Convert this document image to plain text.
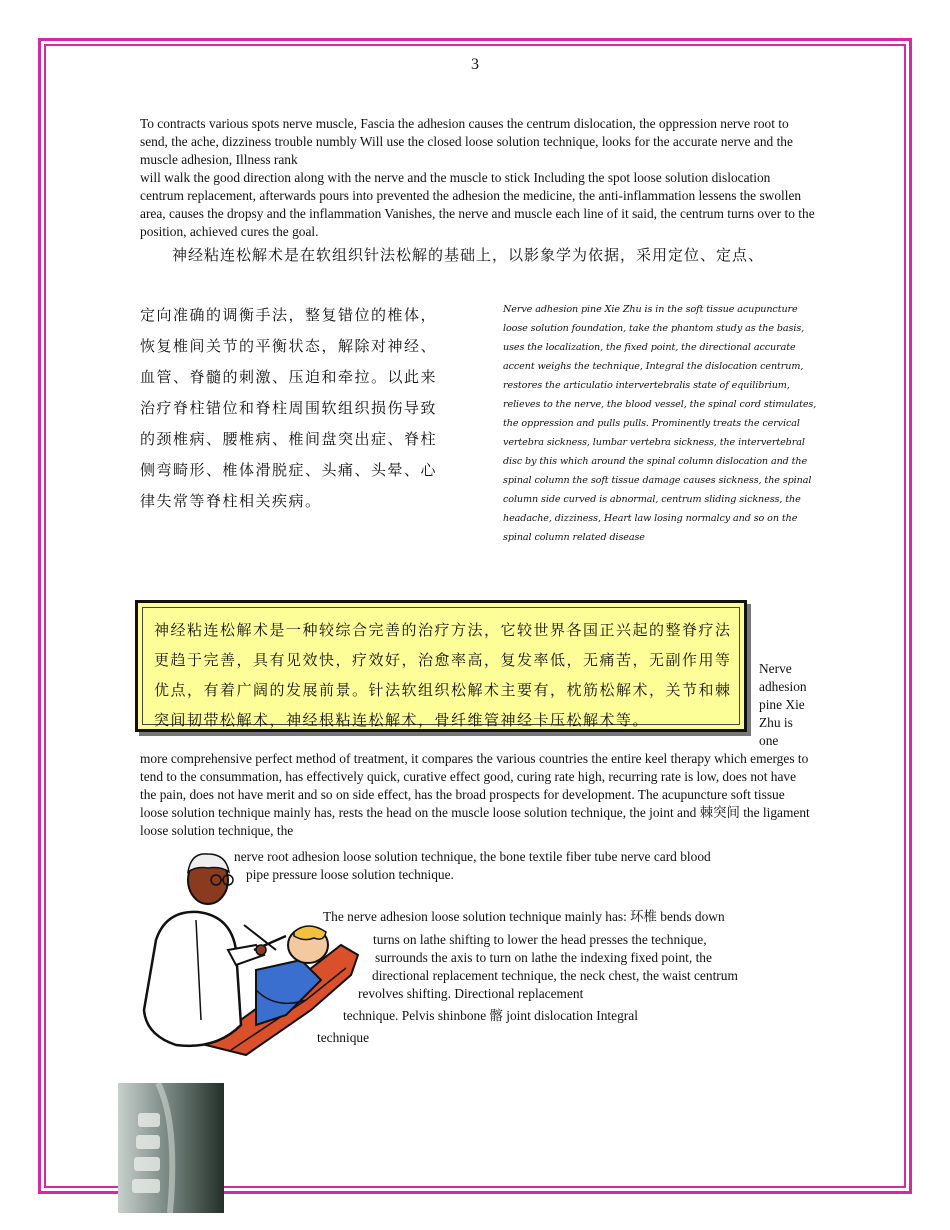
3
To contracts various spots nerve muscle, Fascia the adhesion causes the centrum dislocation, the oppression nerve root to send, the ache, dizziness trouble numbly Will use the closed loose solution technique, looks for the accurate nerve and the muscle adhesion, Illness rank
will walk the good direction along with the nerve and the muscle to stick Including the spot loose solution dislocation centrum replacement, afterwards pours into prevented the adhesion the medicine, the anti-inflammation lessens the swollen area, causes the dropsy and the inflammation Vanishes, the nerve and muscle each line of it said, the centrum turns over to the position, achieved cures the goal.
　　神经粘连松解术是在软组织针法松解的基础上，以影象学为依据，采用定位、定点、
定向准确的调衡手法，整复错位的椎体，恢复椎间关节的平衡状态，解除对神经、血管、脊髓的刺激、压迫和牵拉。以此来治疗脊柱错位和脊柱周围软组织损伤导致的颈椎病、腰椎病、椎间盘突出症、脊柱侧弯畸形、椎体滑脱症、头痛、头晕、心律失常等脊柱相关疾病。
Nerve adhesion pine Xie Zhu is in the soft tissue acupuncture loose solution foundation, take the phantom study as the basis, uses the localization, the fixed point, the directional accurate accent weighs the technique, Integral the dislocation centrum, restores the articulatio intervertebralis state of equilibrium, relieves to the nerve, the blood vessel, the spinal cord stimulates, the oppression and pulls pulls. Prominently treats the cervical vertebra sickness, lumbar vertebra sickness, the intervertebral disc by this which around the spinal column dislocation and the spinal column the soft tissue damage causes sickness, the spinal column side curved is abnormal, centrum sliding sickness, the headache, dizziness, Heart law losing normalcy and so on the spinal column related disease
神经粘连松解术是一种较综合完善的治疗方法，它较世界各国正兴起的整脊疗法更趋于完善，具有见效快，疗效好，治愈率高，复发率低，无痛苦，无副作用等优点，有着广阔的发展前景。针法软组织松解术主要有，枕筋松解术，关节和棘突间韧带松解术，神经根粘连松解术，骨纤维管神经卡压松解术等。
Nerve adhesion pine Xie Zhu is one
more comprehensive perfect method of treatment, it compares the various countries the entire keel therapy which emerges to tend to the consummation, has effectively quick, curative effect good, curing rate high, recurring rate is low, does not have the pain, does not have merit and so on side effect, has the broad prospects for development. The acupuncture soft tissue loose solution technique mainly has, rests the head on the muscle loose solution technique, the joint and 棘突间 the ligament loose solution technique, the
nerve root adhesion loose solution technique, the bone textile fiber tube nerve card blood
pipe pressure loose solution technique.
The nerve adhesion loose solution technique mainly has: 环椎 bends down
turns on lathe shifting to lower the head presses the technique,
surrounds the axis to turn on lathe the indexing fixed point, the
directional replacement technique, the neck chest, the waist centrum
revolves shifting. Directional replacement
technique. Pelvis shinbone 髂 joint dislocation Integral
technique
